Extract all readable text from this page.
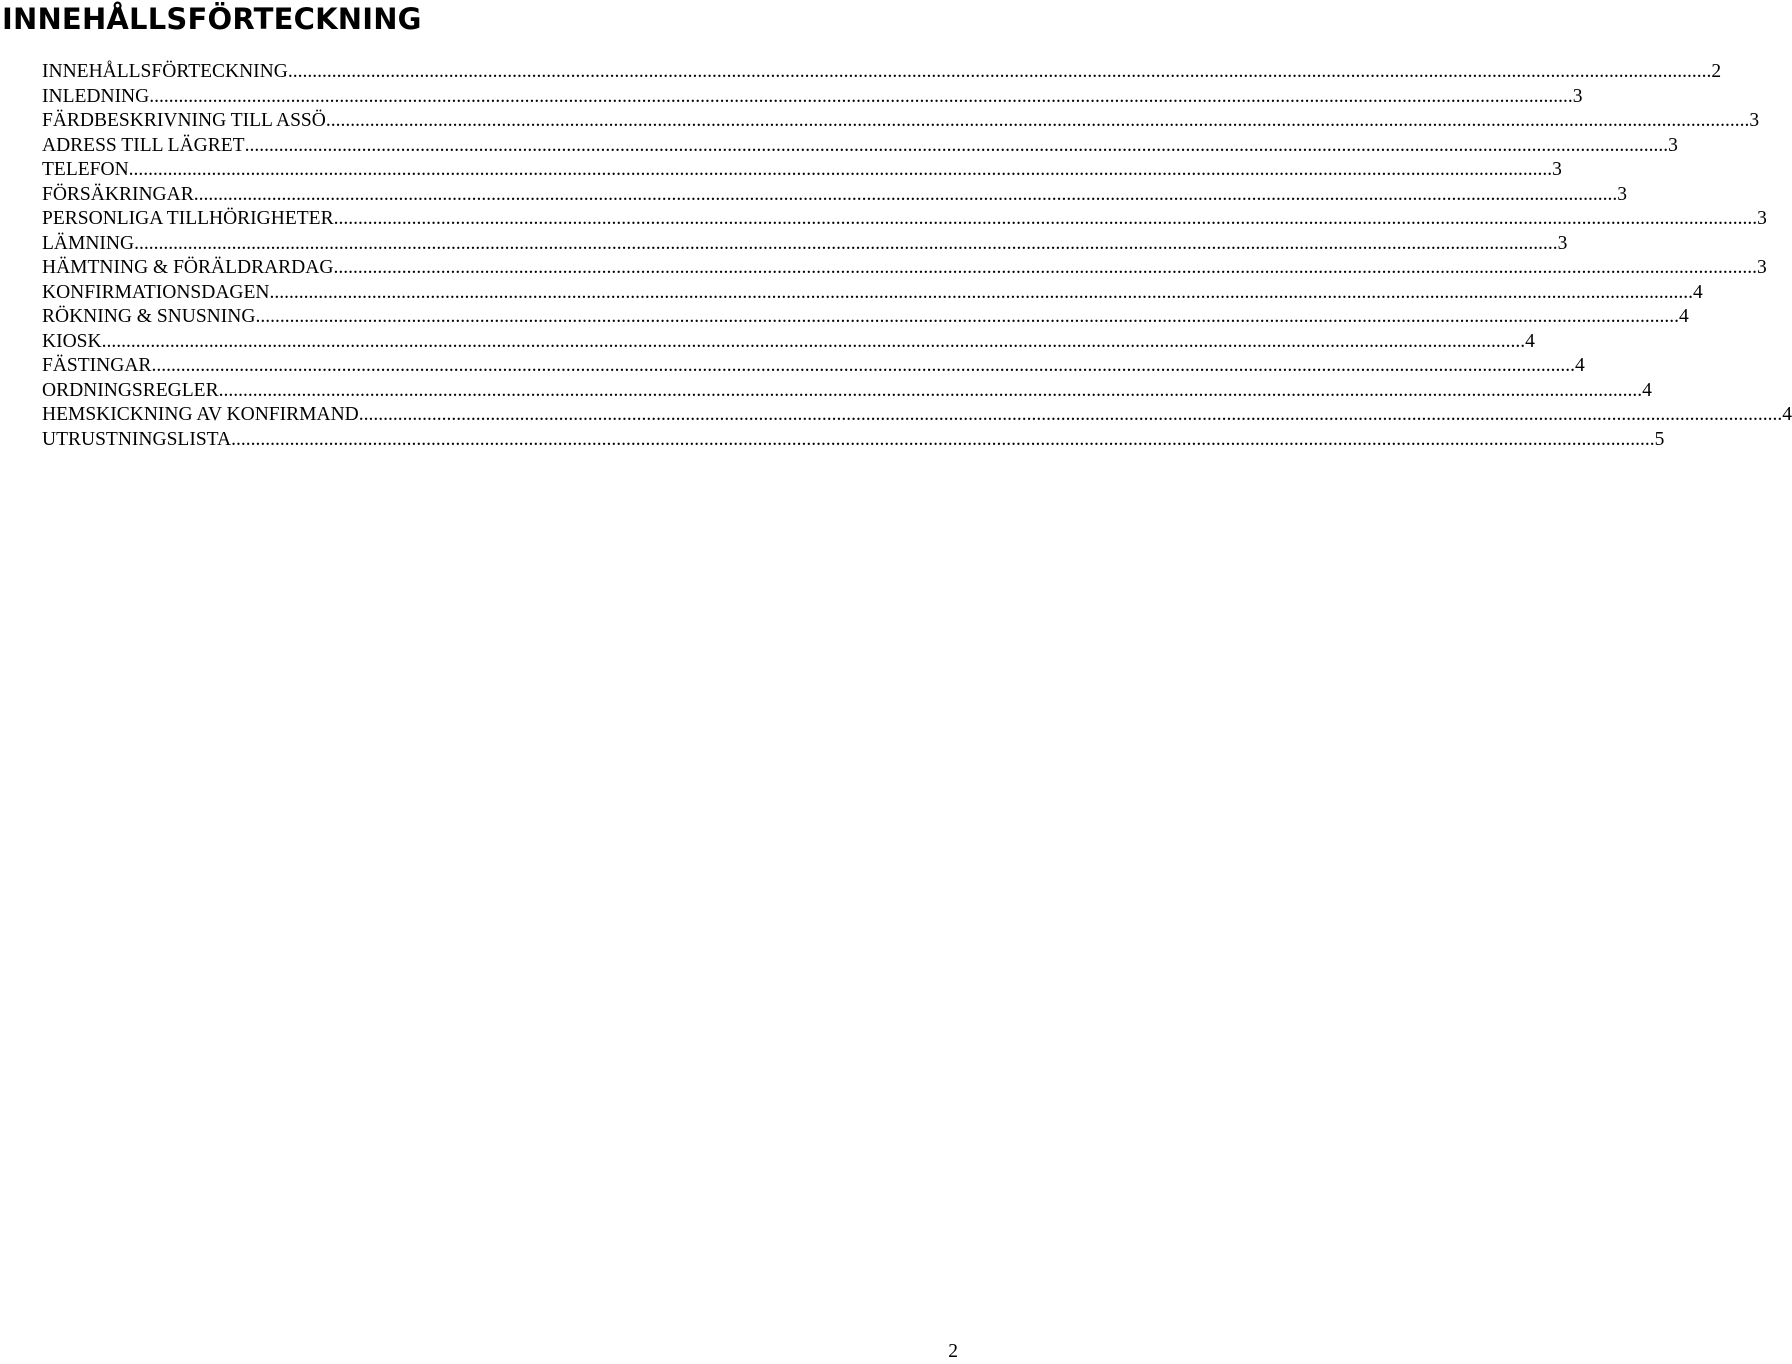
INNEHÅLLSFÖRTECKNING
INNEHÅLLSFÖRTECKNING .....	2
INLEDNING .....	3
FÄRDBESKRIVNING TILL ASSÖ .....	3
ADRESS TILL LÄGRET .....	3
TELEFON .....	3
FÖRSÄKRINGAR .....	3
PERSONLIGA TILLHÖRIGHETER .....	3
LÄMNING .....	3
HÄMTNING & FÖRÄLDRARDAG .....	3
KONFIRMATIONSDAGEN .....	4
RÖKNING & SNUSNING .....	4
KIOSK .....	4
FÄSTINGAR .....	4
ORDNINGSREGLER .....	4
HEMSKICKNING AV KONFIRMAND .....	4
UTRUSTNINGSLISTA .....	5
2
